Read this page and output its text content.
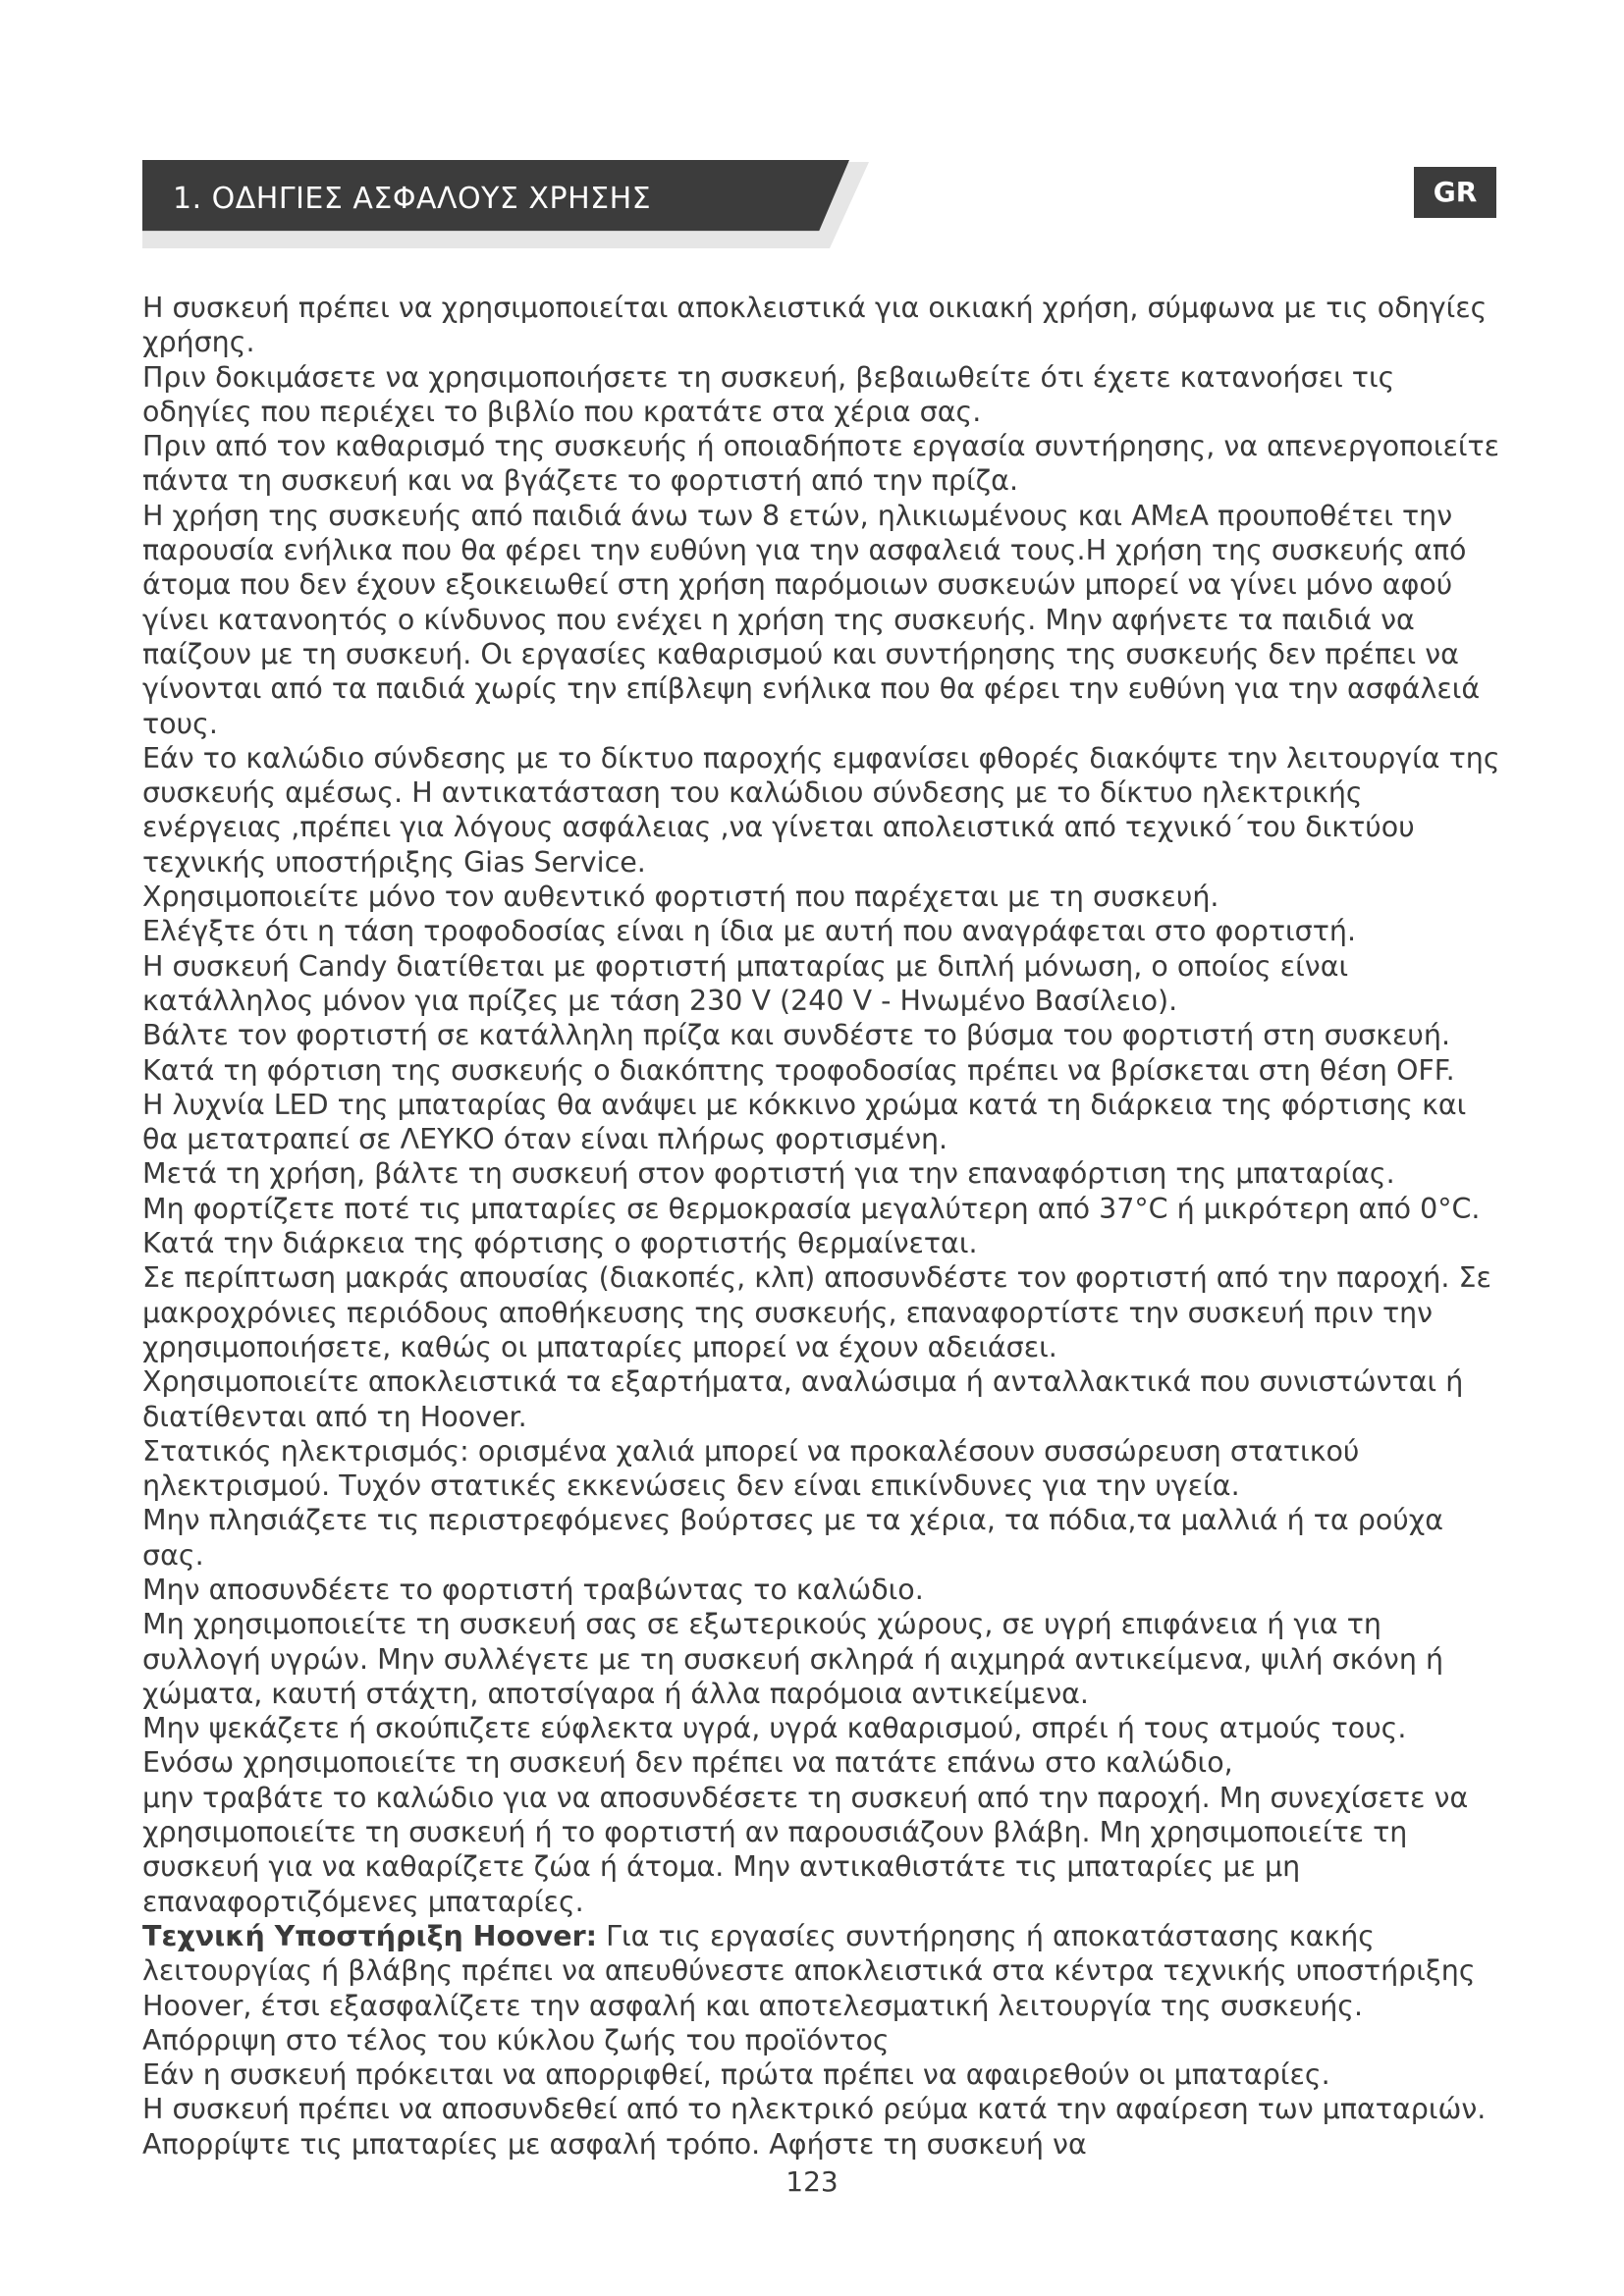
1. ΟΔΗΓΙΕΣ ΑΣΦΑΛΟΥΣ ΧΡΗΣΗΣ	GR

Η συσκευή πρέπει να χρησιμοποιείται αποκλειστικά για οικιακή χρήση, σύμφωνα με τις οδηγίες χρήσης.

Πριν δοκιμάσετε να χρησιμοποιήσετε τη συσκευή, βεβαιωθείτε ότι έχετε κατανοήσει τις οδηγίες που περιέχει το βιβλίο που κρατάτε στα χέρια σας.

Πριν από τον καθαρισμό της συσκευής ή οποιαδήποτε εργασία συντήρησης, να απενεργοποιείτε πάντα τη συσκευή και να βγάζετε το φορτιστή από την πρίζα.

Η χρήση της συσκευής από παιδιά άνω των 8 ετών, ηλικιωμένους και ΑΜεΑ προυποθέτει την παρουσία ενήλικα που θα φέρει την ευθύνη για την ασφαλειά τους.Η χρήση της συσκευής από άτομα που δεν έχουν εξοικειωθεί στη χρήση παρόμοιων συσκευών μπορεί να γίνει μόνο αφού γίνει κατανοητός ο κίνδυνος που ενέχει η χρήση της συσκευής. Μην αφήνετε τα παιδιά να παίζουν με τη συσκευή. Οι εργασίες καθαρισμού και συντήρησης της συσκευής δεν πρέπει να γίνονται από τα παιδιά χωρίς την επίβλεψη ενήλικα που θα φέρει την ευθύνη για την ασφάλειά τους.

Εάν το καλώδιο σύνδεσης με το δίκτυο παροχής εμφανίσει φθορές διακόψτε την λειτουργία της συσκευής αμέσως. Η αντικατάσταση του καλώδιου σύνδεσης με το δίκτυο ηλεκτρικής ενέργειας ,πρέπει για λόγους ασφάλειας ,να γίνεται απολειστικά από τεχνικό΄του δικτύου τεχνικής υποστήριξης Gias Service.

Χρησιμοποιείτε μόνο τον αυθεντικό φορτιστή που παρέχεται με τη συσκευή.

Ελέγξτε ότι η τάση τροφοδοσίας είναι η ίδια με αυτή που αναγράφεται στο φορτιστή.

Η συσκευή Candy διατίθεται με φορτιστή μπαταρίας με διπλή μόνωση, ο οποίος είναι κατάλληλος μόνον για πρίζες με τάση 230 V (240 V - Ηνωμένο Βασίλειο).

Βάλτε τον φορτιστή σε κατάλληλη πρίζα και συνδέστε το βύσμα του φορτιστή στη συσκευή.

Κατά τη φόρτιση της συσκευής ο διακόπτης τροφοδοσίας πρέπει να βρίσκεται στη θέση OFF.

Η λυχνία LED της μπαταρίας θα ανάψει με κόκκινο χρώμα κατά τη διάρκεια της φόρτισης και θα μετατραπεί σε ΛΕΥΚΟ όταν είναι πλήρως φορτισμένη.

Μετά τη χρήση, βάλτε τη συσκευή στον φορτιστή για την επαναφόρτιση της μπαταρίας.

Μη φορτίζετε ποτέ τις μπαταρίες σε θερμοκρασία μεγαλύτερη από 37°C ή μικρότερη από 0°C. Κατά την διάρκεια της φόρτισης ο φορτιστής θερμαίνεται.

Σε περίπτωση μακράς απουσίας (διακοπές, κλπ) αποσυνδέστε τον φορτιστή από την παροχή. Σε μακροχρόνιες περιόδους αποθήκευσης της συσκευής, επαναφορτίστε την συσκευή πριν την χρησιμοποιήσετε, καθώς οι μπαταρίες μπορεί να έχουν αδειάσει.

Χρησιμοποιείτε αποκλειστικά τα εξαρτήματα, αναλώσιμα ή ανταλλακτικά που συνιστώνται ή διατίθενται από τη Hoover.

Στατικός ηλεκτρισμός: ορισμένα χαλιά μπορεί να προκαλέσουν συσσώρευση στατικού ηλεκτρισμού. Τυχόν στατικές εκκενώσεις δεν είναι επικίνδυνες για την υγεία.

Μην πλησιάζετε τις περιστρεφόμενες βούρτσες με τα χέρια, τα πόδια,τα μαλλιά ή τα ρούχα σας.

Μην αποσυνδέετε το φορτιστή τραβώντας το καλώδιο.

Μη χρησιμοποιείτε τη συσκευή σας σε εξωτερικούς χώρους, σε υγρή επιφάνεια ή για τη συλλογή υγρών. Μην συλλέγετε με τη συσκευή σκληρά ή αιχμηρά αντικείμενα, ψιλή σκόνη ή χώματα, καυτή στάχτη, αποτσίγαρα ή άλλα παρόμοια αντικείμενα.

Μην ψεκάζετε ή σκούπιζετε εύφλεκτα υγρά, υγρά καθαρισμού, σπρέι ή τους ατμούς τους.

Ενόσω χρησιμοποιείτε τη συσκευή δεν πρέπει να πατάτε επάνω στο καλώδιο,

μην τραβάτε το καλώδιο για να αποσυνδέσετε τη συσκευή από την παροχή. Μη συνεχίσετε να χρησιμοποιείτε τη συσκευή ή το φορτιστή αν παρουσιάζουν βλάβη. Μη χρησιμοποιείτε τη συσκευή για να καθαρίζετε ζώα ή άτομα. Μην αντικαθιστάτε τις μπαταρίες με μη επαναφορτιζόμενες μπαταρίες.

Τεχνική Υποστήριξη Hoover: Για τις εργασίες συντήρησης ή αποκατάστασης κακής λειτουργίας ή βλάβης πρέπει να απευθύνεστε αποκλειστικά στα κέντρα τεχνικής υποστήριξης Hoover, έτσι εξασφαλίζετε την ασφαλή και αποτελεσματική λειτουργία της συσκευής.

Απόρριψη στο τέλος του κύκλου ζωής του προϊόντος

Εάν η συσκευή πρόκειται να απορριφθεί, πρώτα πρέπει να αφαιρεθούν οι μπαταρίες.

Η συσκευή πρέπει να αποσυνδεθεί από το ηλεκτρικό ρεύμα κατά την αφαίρεση των μπαταριών. Απορρίψτε τις μπαταρίες με ασφαλή τρόπο. Αφήστε τη συσκευή να

123
